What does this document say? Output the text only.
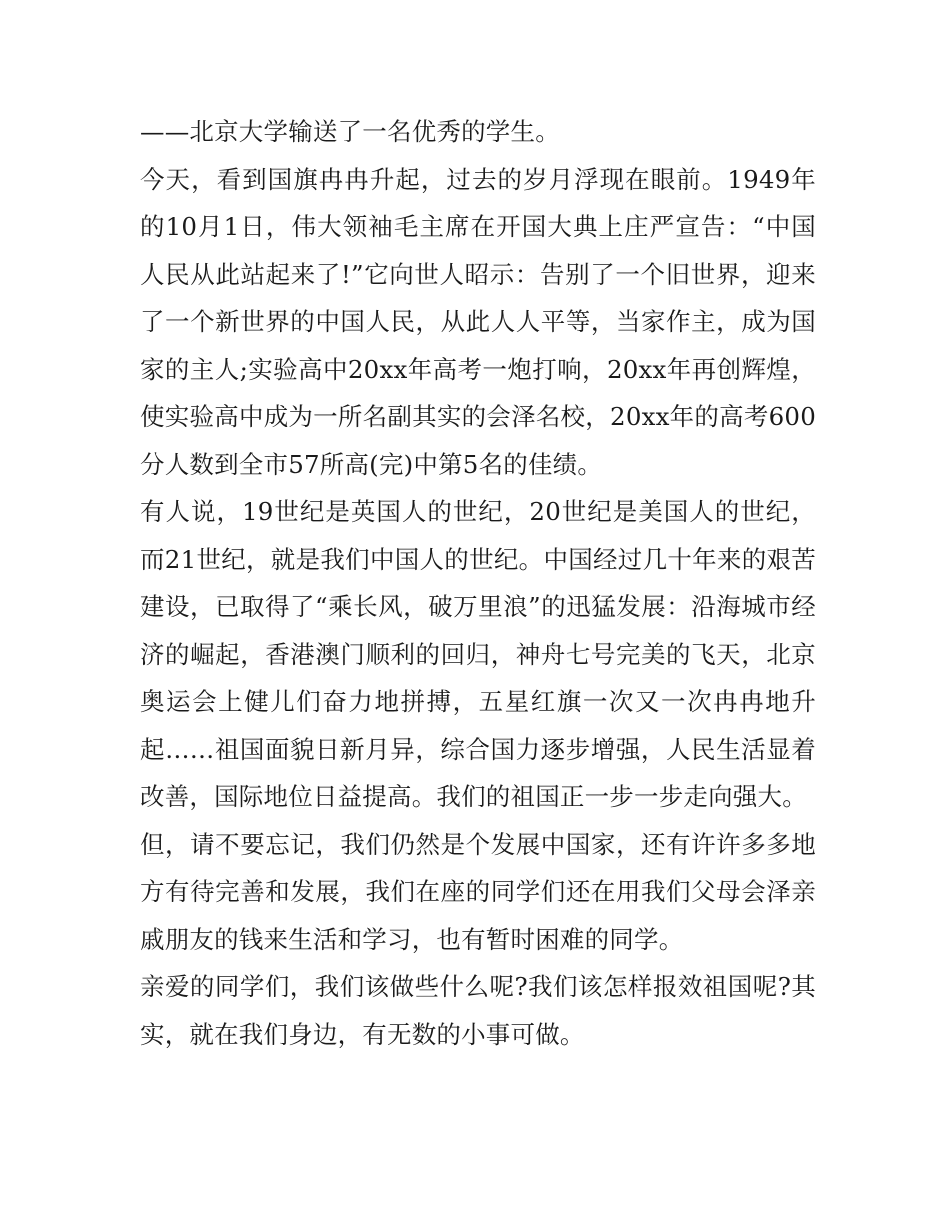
——北京大学输送了一名优秀的学生。

今天，看到国旗冉冉升起，过去的岁月浮现在眼前。1949年的10月1日，伟大领袖毛主席在开国大典上庄严宣告：“中国人民从此站起来了!”它向世人昭示：告别了一个旧世界，迎来了一个新世界的中国人民，从此人人平等，当家作主，成为国家的主人;实验高中20xx年高考一炮打响，20xx年再创辉煌，使实验高中成为一所名副其实的会泽名校，20xx年的高考600分人数到全市57所高(完)中第5名的佳绩。

有人说，19世纪是英国人的世纪，20世纪是美国人的世纪，而21世纪，就是我们中国人的世纪。中国经过几十年来的艰苦建设，已取得了“乘长风，破万里浪”的迅猛发展：沿海城市经济的崛起，香港澳门顺利的回归，神舟七号完美的飞天，北京奥运会上健儿们奋力地拼搏，五星红旗一次又一次冉冉地升起……祖国面貌日新月异，综合国力逐步增强，人民生活显着改善，国际地位日益提高。我们的祖国正一步一步走向强大。

但，请不要忘记，我们仍然是个发展中国家，还有许许多多地方有待完善和发展，我们在座的同学们还在用我们父母会泽亲戚朋友的钱来生活和学习，也有暂时困难的同学。

亲爱的同学们，我们该做些什么呢?我们该怎样报效祖国呢?其实，就在我们身边，有无数的小事可做。
